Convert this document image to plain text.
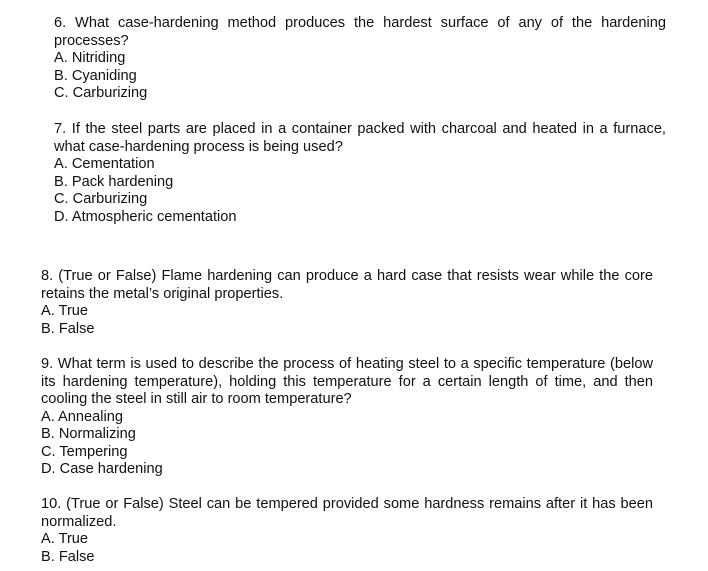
6. What case-hardening method produces the hardest surface of any of the hardening processes?

A. Nitriding

B. Cyaniding

C. Carburizing

7. If the steel parts are placed in a container packed with charcoal and heated in a furnace, what case-hardening process is being used?

A. Cementation

B. Pack hardening

C. Carburizing

D. Atmospheric cementation

8. (True or False) Flame hardening can produce a hard case that resists wear while the core retains the metal’s original properties.

A. True

B. False

9. What term is used to describe the process of heating steel to a specific temperature (below its hardening temperature), holding this temperature for a certain length of time, and then cooling the steel in still air to room temperature?

A. Annealing

B. Normalizing

C. Tempering

D. Case hardening

10. (True or False) Steel can be tempered provided some hardness remains after it has been normalized.

A. True

B. False
